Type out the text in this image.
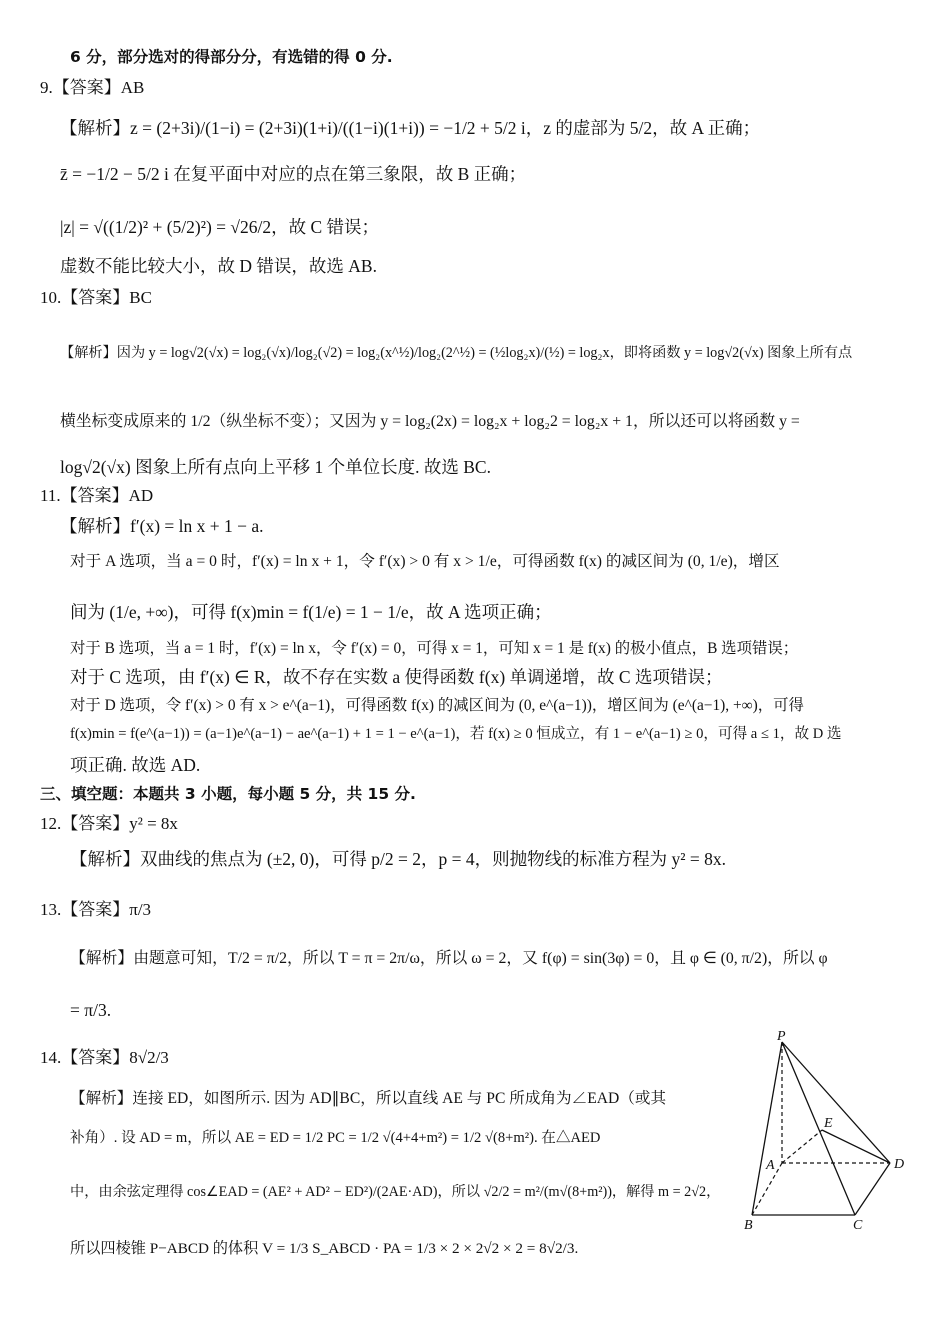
6 分，部分选对的得部分分，有选错的得 0 分.
9.【答案】AB
【解析】z = (2+3i)/(1−i) = (2+3i)(1+i)/((1−i)(1+i)) = −1/2 + 5/2 i，z 的虚部为 5/2，故 A 正确；
z̄ = −1/2 − 5/2 i 在复平面中对应的点在第三象限，故 B 正确；
|z| = √((1/2)² + (5/2)²) = √26/2，故 C 错误；
虚数不能比较大小，故 D 错误，故选 AB.
10.【答案】BC
【解析】因为 y = log√2(√x) = log₂(√x)/log₂(√2) = log₂(x^½)/log₂(2^½) = (½log₂x)/(½) = log₂x，即将函数 y = log√2(√x) 图象上所有点
横坐标变成原来的 1/2（纵坐标不变）；又因为 y = log₂(2x) = log₂x + log₂2 = log₂x + 1，所以还可以将函数 y =
log√2(√x) 图象上所有点向上平移 1 个单位长度. 故选 BC.
11.【答案】AD
【解析】f′(x) = ln x + 1 − a.
对于 A 选项，当 a = 0 时，f′(x) = ln x + 1，令 f′(x) > 0 有 x > 1/e，可得函数 f(x) 的减区间为 (0, 1/e)，增区
间为 (1/e, +∞)，可得 f(x)min = f(1/e) = 1 − 1/e，故 A 选项正确；
对于 B 选项，当 a = 1 时，f′(x) = ln x，令 f′(x) = 0，可得 x = 1，可知 x = 1 是 f(x) 的极小值点，B 选项错误；
对于 C 选项，由 f′(x) ∈ R，故不存在实数 a 使得函数 f(x) 单调递增，故 C 选项错误；
对于 D 选项，令 f′(x) > 0 有 x > e^(a−1)，可得函数 f(x) 的减区间为 (0, e^(a−1))，增区间为 (e^(a−1), +∞)，可得
f(x)min = f(e^(a−1)) = (a−1)e^(a−1) − ae^(a−1) + 1 = 1 − e^(a−1)，若 f(x) ≥ 0 恒成立，有 1 − e^(a−1) ≥ 0，可得 a ≤ 1，故 D 选
项正确. 故选 AD.
三、填空题：本题共 3 小题，每小题 5 分，共 15 分.
12.【答案】y² = 8x
【解析】双曲线的焦点为 (±2, 0)，可得 p/2 = 2，p = 4，则抛物线的标准方程为 y² = 8x.
13.【答案】π/3
【解析】由题意可知，T/2 = π/2，所以 T = π = 2π/ω，所以 ω = 2，又 f(φ) = sin(3φ) = 0，且 φ ∈ (0, π/2)，所以 φ
= π/3.
14.【答案】8√2/3
【解析】连接 ED，如图所示. 因为 AD∥BC，所以直线 AE 与 PC 所成角为∠EAD（或其
补角）. 设 AD = m，所以 AE = ED = 1/2 PC = 1/2 √(4+4+m²) = 1/2 √(8+m²). 在△AED
中，由余弦定理得 cos∠EAD = (AE² + AD² − ED²)/(2AE·AD)，所以 √2/2 = m²/(m√(8+m²))，解得 m = 2√2，
所以四棱锥 P−ABCD 的体积 V = 1/3 S_ABCD · PA = 1/3 × 2 × 2√2 × 2 = 8√2/3.
P
A
B	C
D
E
